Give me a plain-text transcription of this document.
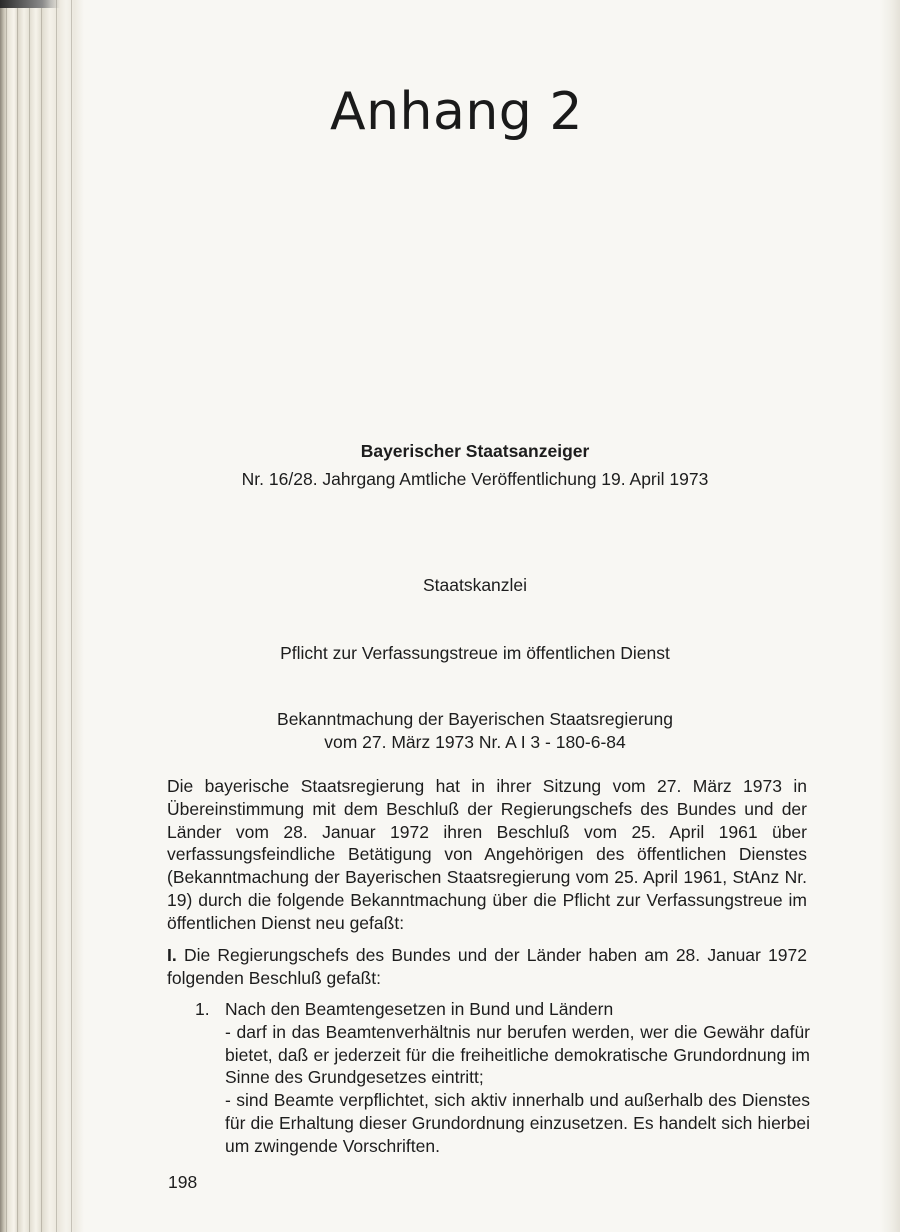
Anhang 2

Bayerischer Staatsanzeiger

Nr. 16/28. Jahrgang Amtliche Veröffentlichung 19. April 1973

Staatskanzlei

Pflicht zur Verfassungstreue im öffentlichen Dienst

Bekanntmachung der Bayerischen Staatsregierung

vom 27. März 1973 Nr. A I 3 - 180-6-84

Die bayerische Staatsregierung hat in ihrer Sitzung vom 27. März 1973 in Übereinstimmung mit dem Beschluß der Regierungschefs des Bundes und der Länder vom 28. Januar 1972 ihren Beschluß vom 25. April 1961 über verfassungsfeindliche Betätigung von Angehörigen des öffentlichen Dienstes (Bekanntmachung der Bayerischen Staatsregierung vom 25. April 1961, StAnz Nr. 19) durch die folgende Bekanntmachung über die Pflicht zur Verfassungstreue im öffentlichen Dienst neu gefaßt:

I. Die Regierungschefs des Bundes und der Länder haben am 28. Januar 1972 folgenden Beschluß gefaßt:

1. Nach den Beamtengesetzen in Bund und Ländern
- darf in das Beamtenverhältnis nur berufen werden, wer die Gewähr dafür bietet, daß er jederzeit für die freiheitliche demokratische Grundordnung im Sinne des Grundgesetzes eintritt;
- sind Beamte verpflichtet, sich aktiv innerhalb und außerhalb des Dienstes für die Erhaltung dieser Grundordnung einzusetzen. Es handelt sich hierbei um zwingende Vorschriften.

198
